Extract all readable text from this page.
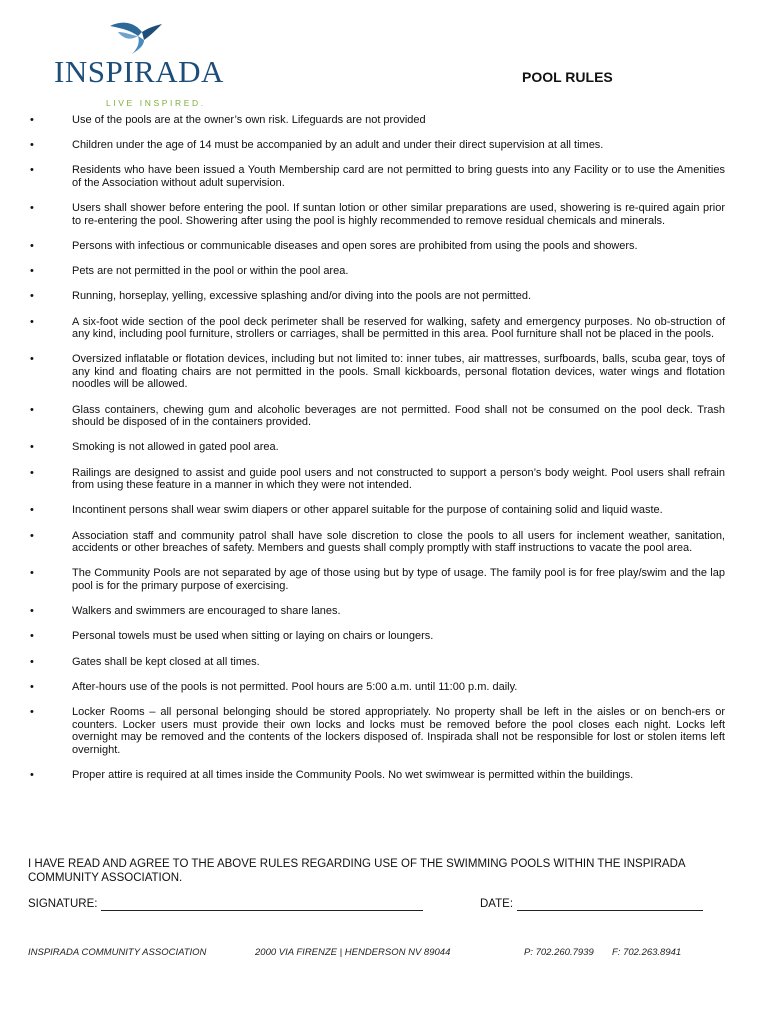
INSPIRADA
LIVE INSPIRED.
POOL RULES
•	Use of the pools are at the owner’s own risk. Lifeguards are not provided
•	Children under the age of 14 must be accompanied by an adult and under their direct supervision at all times.
•	Residents who have been issued a Youth Membership card are not permitted to bring guests into any Facility or to use the Amenities of the Association without adult supervision.
•	Users shall shower before entering the pool. If suntan lotion or other similar preparations are used, showering is re-quired again prior to re-entering the pool. Showering after using the pool is highly recommended to remove residual chemicals and minerals.
•	Persons with infectious or communicable diseases and open sores are prohibited from using the pools and showers.
•	Pets are not permitted in the pool or within the pool area.
•	Running, horseplay, yelling, excessive splashing and/or diving into the pools are not permitted.
•	A six-foot wide section of the pool deck perimeter shall be reserved for walking, safety and emergency purposes. No ob-struction of any kind, including pool furniture, strollers or carriages, shall be permitted in this area. Pool furniture shall not be placed in the pools.
•	Oversized inflatable or flotation devices, including but not limited to: inner tubes, air mattresses, surfboards, balls, scuba gear, toys of any kind and floating chairs are not permitted in the pools. Small kickboards, personal flotation devices, water wings and flotation noodles will be allowed.
•	Glass containers, chewing gum and alcoholic beverages are not permitted. Food shall not be consumed on the pool deck. Trash should be disposed of in the containers provided.
•	Smoking is not allowed in gated pool area.
•	Railings are designed to assist and guide pool users and not constructed to support a person’s body weight. Pool users shall refrain from using these feature in a manner in which they were not intended.
•	Incontinent persons shall wear swim diapers or other apparel suitable for the purpose of containing solid and liquid waste.
•	Association staff and community patrol shall have sole discretion to close the pools to all users for inclement weather, sanitation, accidents or other breaches of safety. Members and guests shall comply promptly with staff instructions to vacate the pool area.
•	The Community Pools are not separated by age of those using but by type of usage. The family pool is for free play/swim and the lap pool is for the primary purpose of exercising.
•	Walkers and swimmers are encouraged to share lanes.
•	Personal towels must be used when sitting or laying on chairs or loungers.
•	Gates shall be kept closed at all times.
•	After-hours use of the pools is not permitted. Pool hours are 5:00 a.m. until 11:00 p.m. daily.
•	Locker Rooms – all personal belonging should be stored appropriately. No property shall be left in the aisles or on bench-ers or counters. Locker users must provide their own locks and locks must be removed before the pool closes each night. Locks left overnight may be removed and the contents of the lockers disposed of. Inspirada shall not be responsible for lost or stolen items left overnight.
•	Proper attire is required at all times inside the Community Pools. No wet swimwear is permitted within the buildings.
I HAVE READ AND AGREE TO THE ABOVE RULES REGARDING USE OF THE SWIMMING POOLS WITHIN THE INSPIRADA COMMUNITY ASSOCIATION.
SIGNATURE:	DATE:
INSPIRADA COMMUNITY ASSOCIATION	2000 VIA FIRENZE | HENDERSON NV 89044	P: 702.260.7939 F: 702.263.8941
